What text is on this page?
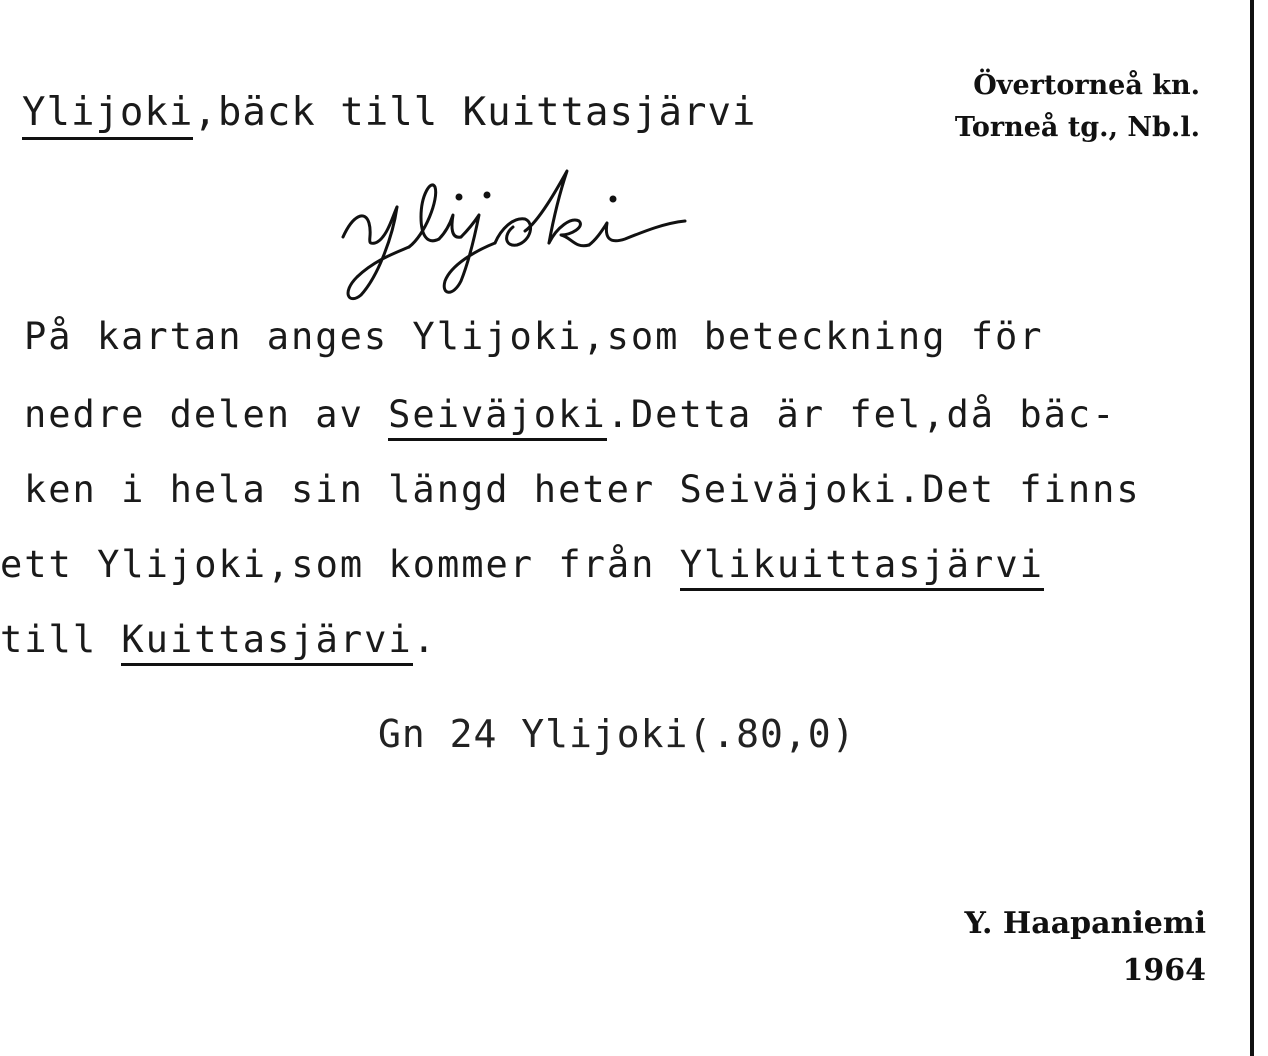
Ylijoki,bäck till Kuittasjärvi
Övertorneå kn.
Torneå tg., Nb.l.
På kartan anges Ylijoki,som beteckning för
nedre delen av Seiväjoki.Detta är fel,då bäc-
ken i hela sin längd heter Seiväjoki.Det finns
ett Ylijoki,som kommer från Ylikuittasjärvi
till Kuittasjärvi.
Gn 24 Ylijoki(.80,0)
Y. Haapaniemi
1964
